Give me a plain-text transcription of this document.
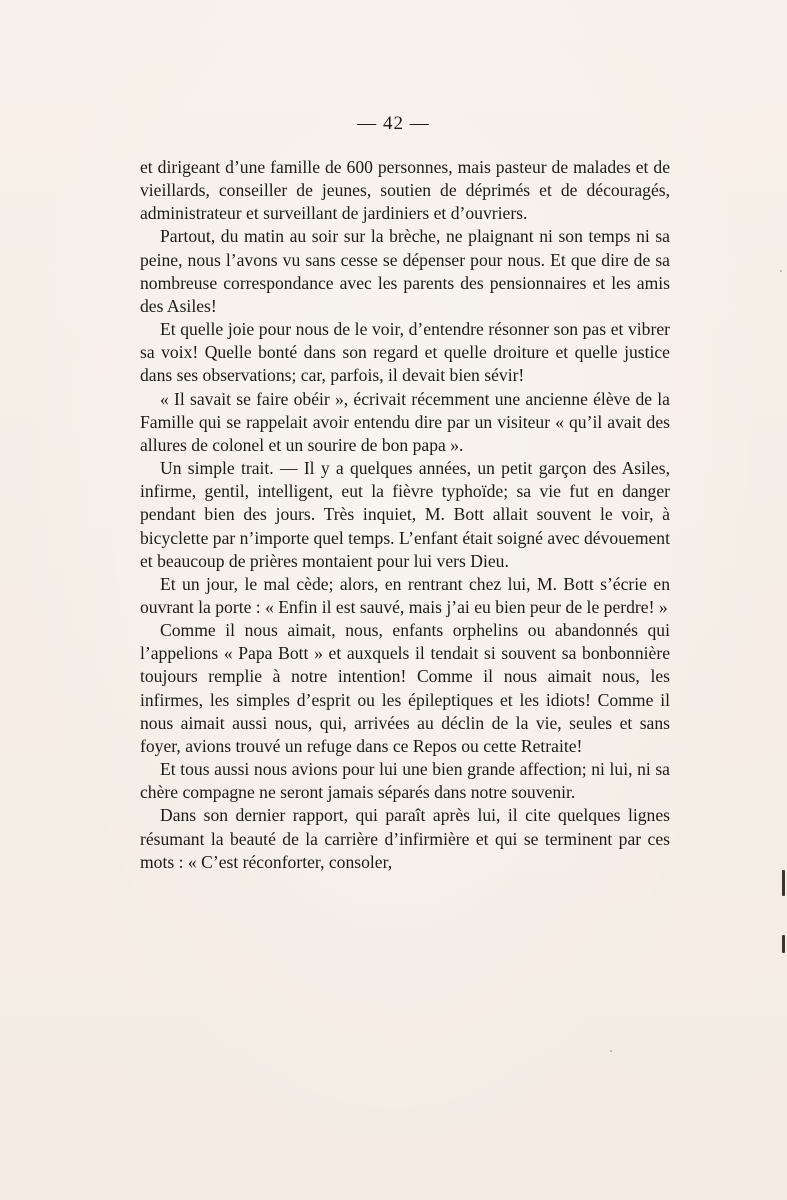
— 42 —

et dirigeant d’une famille de 600 personnes, mais pasteur de malades et de vieillards, conseiller de jeunes, soutien de déprimés et de découragés, administrateur et surveillant de jardiniers et d’ouvriers.

Partout, du matin au soir sur la brèche, ne plaignant ni son temps ni sa peine, nous l’avons vu sans cesse se dépenser pour nous. Et que dire de sa nombreuse correspondance avec les parents des pensionnaires et les amis des Asiles!

Et quelle joie pour nous de le voir, d’entendre résonner son pas et vibrer sa voix! Quelle bonté dans son regard et quelle droiture et quelle justice dans ses observations; car, parfois, il devait bien sévir!

« Il savait se faire obéir », écrivait récemment une ancienne élève de la Famille qui se rappelait avoir entendu dire par un visiteur « qu’il avait des allures de colonel et un sourire de bon papa ».

Un simple trait. — Il y a quelques années, un petit garçon des Asiles, infirme, gentil, intelligent, eut la fièvre typhoïde; sa vie fut en danger pendant bien des jours. Très inquiet, M. Bott allait souvent le voir, à bicyclette par n’importe quel temps. L’enfant était soigné avec dévouement et beaucoup de prières montaient pour lui vers Dieu.

Et un jour, le mal cède; alors, en rentrant chez lui, M. Bott s’écrie en ouvrant la porte : « Enfin il est sauvé, mais j’ai eu bien peur de le perdre! »

Comme il nous aimait, nous, enfants orphelins ou abandonnés qui l’appelions « Papa Bott » et auxquels il tendait si souvent sa bonbonnière toujours remplie à notre intention! Comme il nous aimait nous, les infirmes, les simples d’esprit ou les épileptiques et les idiots! Comme il nous aimait aussi nous, qui, arrivées au déclin de la vie, seules et sans foyer, avions trouvé un refuge dans ce Repos ou cette Retraite!

Et tous aussi nous avions pour lui une bien grande affection; ni lui, ni sa chère compagne ne seront jamais séparés dans notre souvenir.

Dans son dernier rapport, qui paraît après lui, il cite quelques lignes résumant la beauté de la carrière d’infirmière et qui se terminent par ces mots : « C’est réconforter, consoler,
